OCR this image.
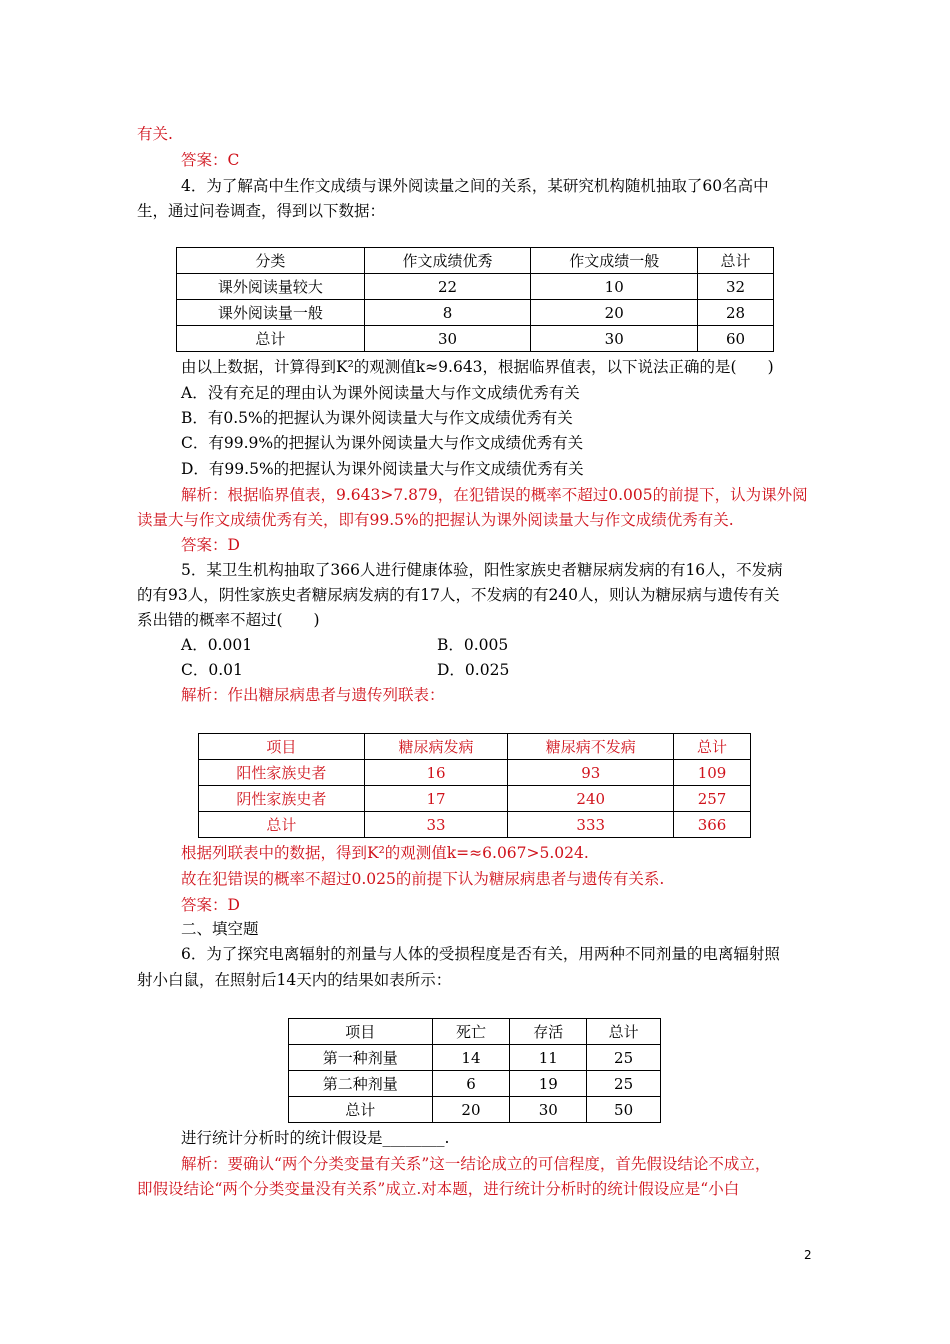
有关.
答案：C
4．为了解高中生作文成绩与课外阅读量之间的关系，某研究机构随机抽取了60名高中
生，通过问卷调查，得到以下数据：
分类	作文成绩优秀	作文成绩一般	总计
课外阅读量较大	22	10	32
课外阅读量一般	8	20	28
总计	30	30	60
由以上数据，计算得到K²的观测值k≈9.643，根据临界值表，以下说法正确的是(　　)
A．没有充足的理由认为课外阅读量大与作文成绩优秀有关
B．有0.5%的把握认为课外阅读量大与作文成绩优秀有关
C．有99.9%的把握认为课外阅读量大与作文成绩优秀有关
D．有99.5%的把握认为课外阅读量大与作文成绩优秀有关
解析：根据临界值表，9.643>7.879，在犯错误的概率不超过0.005的前提下，认为课外阅
读量大与作文成绩优秀有关，即有99.5%的把握认为课外阅读量大与作文成绩优秀有关.
答案：D
5．某卫生机构抽取了366人进行健康体验，阳性家族史者糖尿病发病的有16人，不发病
的有93人，阴性家族史者糖尿病发病的有17人，不发病的有240人，则认为糖尿病与遗传有关
系出错的概率不超过(　　)
A．0.001	B．0.005
C．0.01	D．0.025
解析：作出糖尿病患者与遗传列联表：
项目	糖尿病发病	糖尿病不发病	总计
阳性家族史者	16	93	109
阴性家族史者	17	240	257
总计	33	333	366
根据列联表中的数据，得到K²的观测值k=≈6.067>5.024.
故在犯错误的概率不超过0.025的前提下认为糖尿病患者与遗传有关系.
答案：D
二、填空题
6．为了探究电离辐射的剂量与人体的受损程度是否有关，用两种不同剂量的电离辐射照
射小白鼠，在照射后14天内的结果如表所示：
项目	死亡	存活	总计
第一种剂量	14	11	25
第二种剂量	6	19	25
总计	20	30	50
进行统计分析时的统计假设是________.
解析：要确认“两个分类变量有关系”这一结论成立的可信程度，首先假设结论不成立，
即假设结论“两个分类变量没有关系”成立.对本题，进行统计分析时的统计假设应是“小白
2
